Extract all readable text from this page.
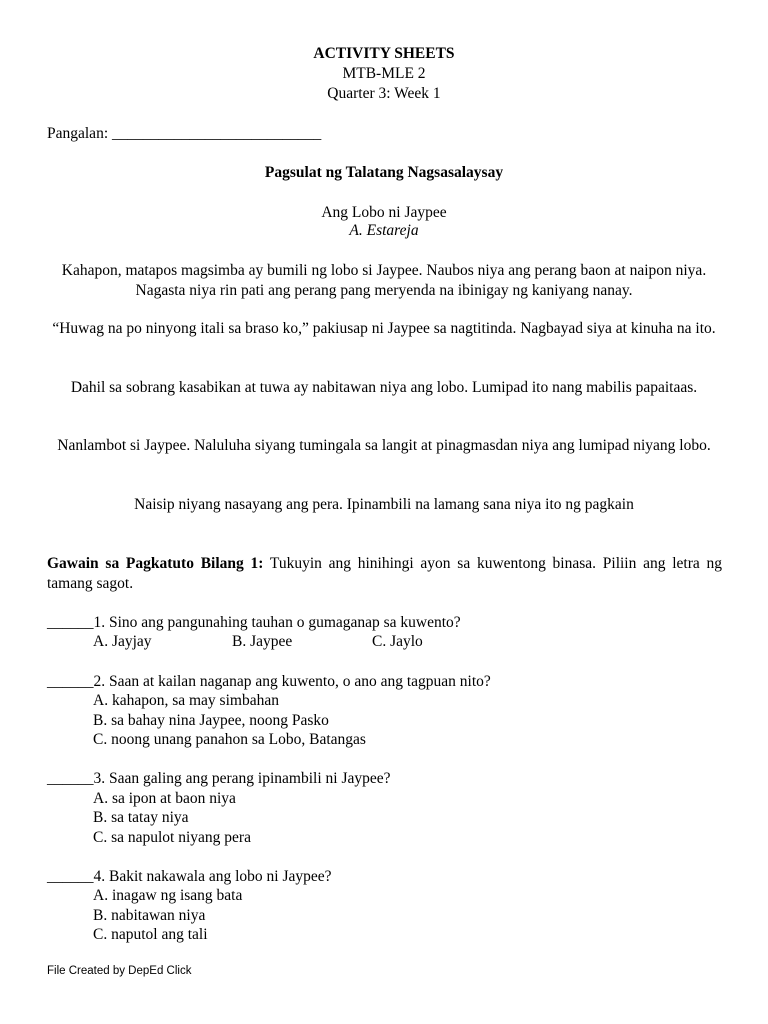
ACTIVITY SHEETS
MTB-MLE 2
Quarter 3: Week 1
Pangalan: ___________________________
Pagsulat ng Talatang Nagsasalaysay
Ang Lobo ni Jaypee
A. Estareja
Kahapon, matapos magsimba ay bumili ng lobo si Jaypee. Naubos niya ang perang baon at naipon niya. Nagasta niya rin pati ang perang pang meryenda na ibinigay ng kaniyang nanay.
“Huwag na po ninyong itali sa braso ko,” pakiusap ni Jaypee sa nagtitinda. Nagbayad siya at kinuha na ito.
Dahil sa sobrang kasabikan at tuwa ay nabitawan niya ang lobo. Lumipad ito nang mabilis papaitaas.
Nanlambot si Jaypee. Naluluha siyang tumingala sa langit at pinagmasdan niya ang lumipad niyang lobo.
Naisip niyang nasayang ang pera. Ipinambili na lamang sana niya ito ng pagkain
Gawain sa Pagkatuto Bilang 1: Tukuyin ang hinihingi ayon sa kuwentong binasa. Piliin ang letra ng tamang sagot.
______1. Sino ang pangunahing tauhan o gumaganap sa kuwento?
A. Jayjay	B. Jaypee	C. Jaylo
______2. Saan at kailan naganap ang kuwento, o ano ang tagpuan nito?
A. kahapon, sa may simbahan
B. sa bahay nina Jaypee, noong Pasko
C. noong unang panahon sa Lobo, Batangas
______3. Saan galing ang perang ipinambili ni Jaypee?
A. sa ipon at baon niya
B. sa tatay niya
C. sa napulot niyang pera
______4. Bakit nakawala ang lobo ni Jaypee?
A. inagaw ng isang bata
B. nabitawan niya
C. naputol ang tali
File Created by DepEd Click
